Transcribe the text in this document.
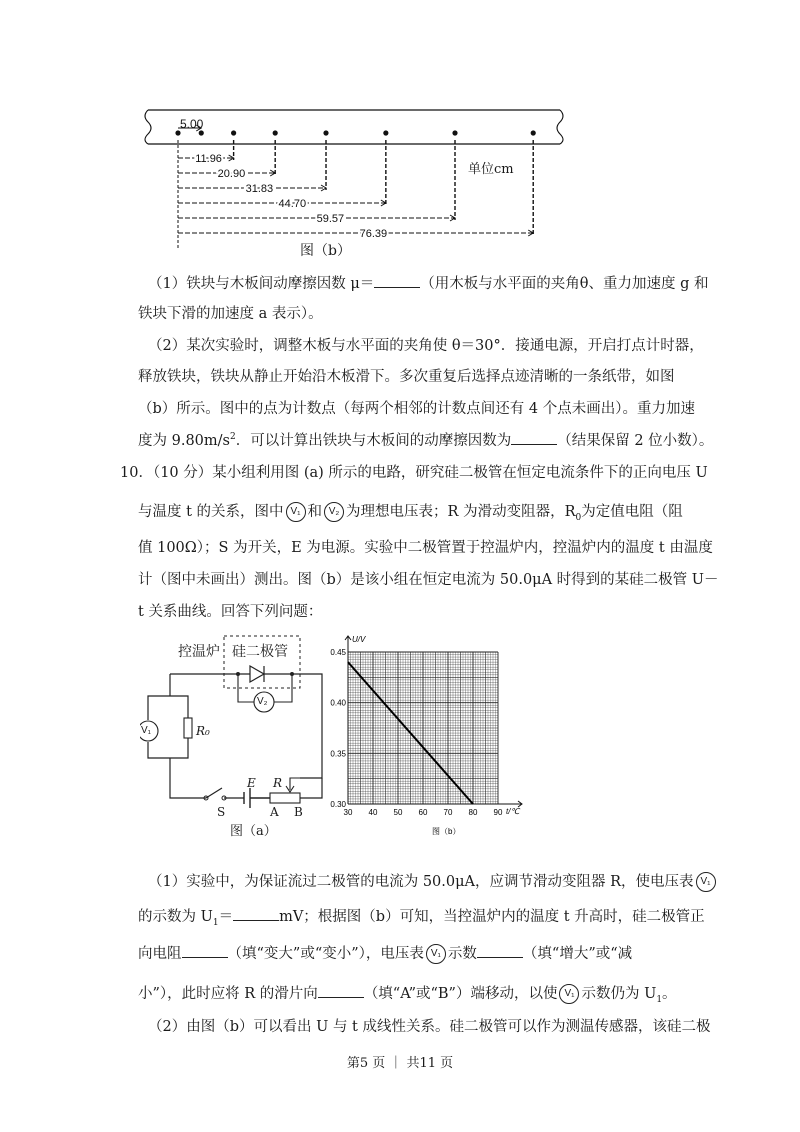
11.96
20.90
31.83
44.70
59.57
76.39
5.00
单位cm
图（b）
（1）铁块与木板间动摩擦因数 μ＝	（用木板与水平面的夹角θ、重力加速度 g 和
铁块下滑的加速度 a 表示）。
（2）某次实验时，调整木板与水平面的夹角使 θ＝30°．接通电源，开启打点计时器，
释放铁块，铁块从静止开始沿木板滑下。多次重复后选择点迹清晰的一条纸带，如图
（b）所示。图中的点为计数点（每两个相邻的计数点间还有 4 个点未画出）。重力加速
度为 $9.80m/s^2$．可以计算出铁块与木板间的动摩擦因数为	（结果保留 2 位小数）。
10．（10 分）某小组利用图 (a) 所示的电路，研究硅二极管在恒定电流条件下的正向电压 U
与温度 t 的关系，图中 V₁ 和 V₂ 为理想电压表；R 为滑动变阻器，$R_0$为定值电阻（阻
值 100Ω）；S 为开关，E 为电源。实验中二极管置于控温炉内，控温炉内的温度 t 由温度
计（图中未画出）测出。图（b）是该小组在恒定电流为 50.0μA 时得到的某硅二极管 U－
t 关系曲线。回答下列问题：
控温炉 硅二极管
V₂
V₁	R₀
E R
S	A B
图（a）
30 40 50 60 70 80 90
0.45
0.40
0.35
0.30
U/V
t/℃
图（b）
（1）实验中，为保证流过二极管的电流为 50.0μA，应调节滑动变阻器 R，使电压表 V₁
的示数为 $U_1=$	mV；根据图（b）可知，当控温炉内的温度 t 升高时，硅二极管正
向电阻	（填“变大”或“变小”），电压表 V₁ 示数	（填“增大”或“减
小”），此时应将 R 的滑片向	（填“A”或“B”）端移动，以使 V₁ 示数仍为 $U_1$。
（2）由图（b）可以看出 U 与 t 成线性关系。硅二极管可以作为测温传感器，该硅二极
第5 页 ｜ 共11 页
